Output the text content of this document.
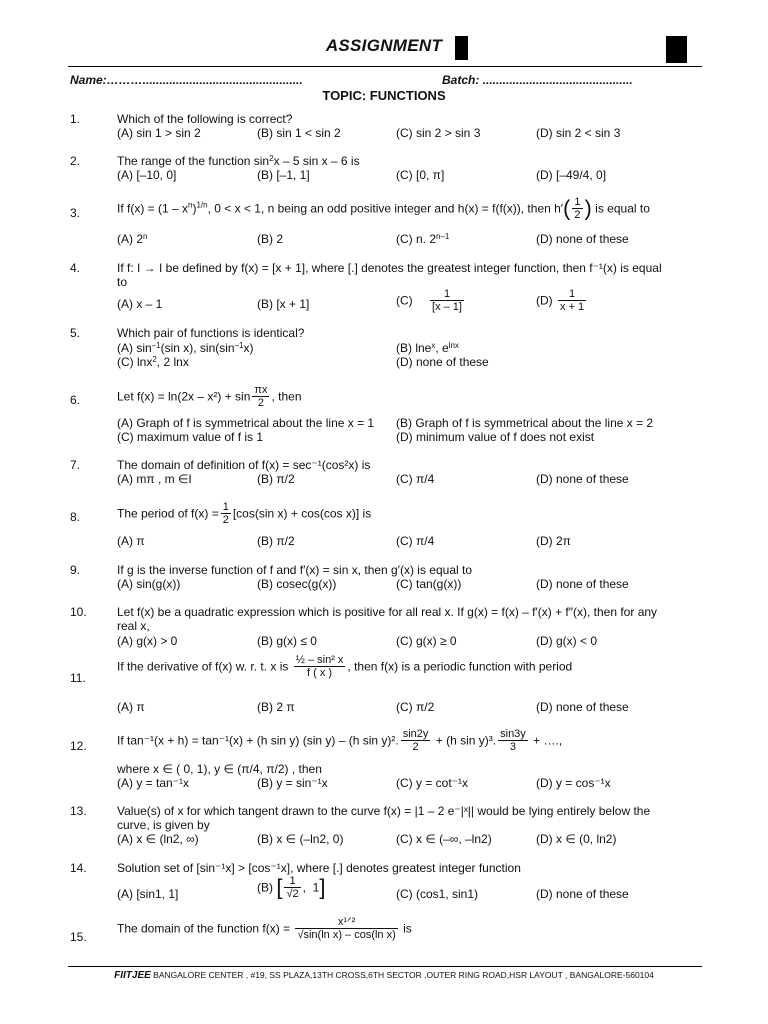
ASSIGNMENT
Name:………................................................	Batch: .............................................
TOPIC: FUNCTIONS
1.	Which of the following is correct?
(A) sin 1 > sin 2	(B) sin 1 < sin 2	(C) sin 2 > sin 3	(D) sin 2 < sin 3
2.	The range of the function $\sin^2x - 5$ sin x – 6 is
(A) [–10, 0]	(B) [–1, 1]	(C) [0, π]	(D) [–49/4, 0]
3.	If $f(x) = (1 - x^n)^{1/n}$, 0 < x < 1, n being an odd positive integer and h(x) = f(f(x)), then $h'( \frac{1}{2}$ ) is equal to
(A) 2$^n$	(B) 2	(C) n. 2$^{n-1}$	(D) none of these
4.	If f: I → I be defined by f(x) = [x + 1], where [.] denotes the greatest integer function, then f⁻¹(x) is equal
to
(A) x – 1	(B) [x + 1]	$(C) \frac{1}{[x - 1]}$	$(D) \frac{1}{x + 1}$
5.	Which pair of functions is identical?
(A) $\sin^{-1}(\sin$ x), $\sin(\sin^{-1}x)$	(B) lne$^x$, $e^{lnx}$
(C) lnx$^2$, 2 lnx	(D) none of these
6.	Let $f(x) = \ln(2x - x^2) + \sin \frac{\pi x}{2}$ , then
(A) Graph of f is symmetrical about the line x = 1 (B) Graph of f is symmetrical about the line x = 2
(C) maximum value of f is 1	(D) minimum value of f does not exist
7.	The domain of definition of f(x) = sec⁻¹(cos²x) is
(A) mπ , m ∈I	(B) π/2	(C) π/4	(D) none of these
8.	The period of $f(x) = \frac{1}{2} [\cos(\sin$ x) + cos(cos x)] is
(A) π	(B) π/2	(C) π/4	(D) 2π
9.	If g is the inverse function of f and f′(x) = sin x, then g′(x) is equal to
(A) sin(g(x))	(B) cosec(g(x))	(C) tan(g(x))	(D) none of these
10.	Let f(x) be a quadratic expression which is positive for all real x. If g(x) = f(x) – f′(x) + f″(x), then for any
real x,
(A) g(x) > 0	(B) g(x) ≤ 0	(C) g(x) ≥ 0	(D) g(x) < 0
11.
If the derivative of f(x) w. r. t. x is $\frac{\text{½ – sin² x}}{f ( x )}$ , then f(x) is a periodic function with period
(A) π	(B) 2 π	(C) π/2	(D) none of these
12.	If tan⁻¹(x + h) = tan⁻¹(x) + (h sin y) (sin y) – (h sin y)². $\frac{\sin 2y}{2} + (h$ sin y)³. $\frac{\sin 3y}{3}$ + ….,
where x ∈ ( 0, 1), y ∈ (π/4, π/2) , then
(A) y = tan⁻¹x	(B) y = sin⁻¹x	(C) y = cot⁻¹x	(D) y = cos⁻¹x
13.	Value(s) of x for which tangent drawn to the curve f(x) = |1 – 2 e⁻|ˣ|| would be lying entirely below the
curve, is given by
(A) x ∈ (ln2, ∞)	(B) x ∈ (–ln2, 0)	(C) x ∈ (–∞, –ln2)	(D) x ∈ (0, ln2)
14.	Solution set of [sin⁻¹x] > [cos⁻¹x], where [.] denotes greatest integer function
(A) [sin1, 1]	(B) [ $\frac{1}{√2}$ ,  1]	(C) (cos1, sin1)	(D) none of these
15.
The domain of the function $f(x) = \frac{\text{x¹ᐟ²}}{\text{√sin(ln x) – cos(ln x)}}$ is
FIITJEE BANGALORE CENTER , #19, SS PLAZA,13TH CROSS,6TH SECTOR ,OUTER RING ROAD,HSR LAYOUT , BANGALORE-560104
